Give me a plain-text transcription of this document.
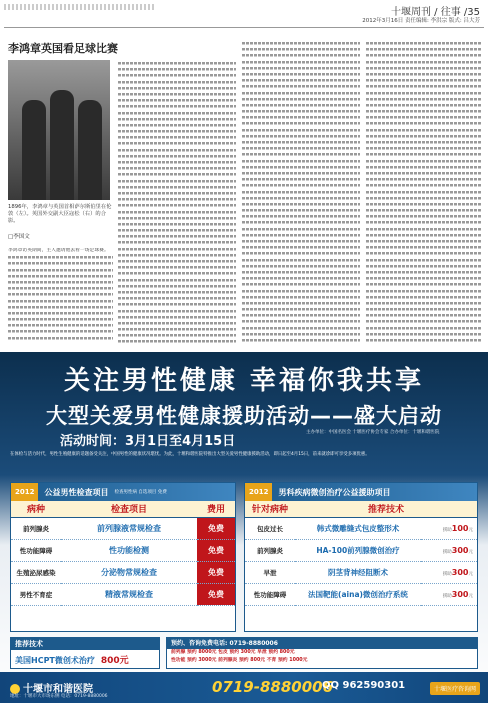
十堰周刊 / 往事 /35
2012年3月16日 责任编辑: 李洪宗 版式: 吕大芳
李鸿章英国看足球比赛
1896年，李鸿章与英国首相萨尔斯伯里在伦敦（左）。英国外交副大臣寇松（右）的合影。
□李国文
李鸿章访英期间，主人邀请他去看一场足球赛。
关注男性健康 幸福你我共享
大型关爱男性健康援助活动——盛大启动
活动时间：3月1日至4月15日
主办单位：中国名医会 十堰医疗协会专家 合办单位：十堰和谐医院
在体检与活力时代，男性生殖健康的话题备受关注，中国男性的健康状况堪忧。为此，十堰和谐医院特推出大型关爱男性健康援助活动，即日起至4月15日，前来就诊即可享受多项优惠。
2012	公益男性检查项目	检查男性病 自选项目 免费
病种	检查项目	费用
前列腺炎	前列腺液常规检查	免费
性功能障碍	性功能检测	免费
生殖泌尿感染	分泌物常规检查	免费
男性不育症	精液常规检查	免费
2012	男科疾病微创治疗公益援助项目
针对病种	推荐技术	
包皮过长	韩式微雕缝式包皮整形术	援助100元
前列腺炎	HA-100前列腺微创治疗	援助300元
早泄	阴茎背神经阻断术	援助300元
性功能障碍	法国靶能(aina)微创治疗系统	援助300元
推荐技术
美国HCPT微创术治疗 800元
预约、咨询免费电话: 0719-8880006
前列腺 预约 8000元 包皮 预约 300元 早泄 预约 800元
性功能 预约 3000元 前列腺炎 预约 800元 不育 预约 1000元
十堰市和谐医院
地址：十堰市大市场东侧 电话：0719-8880006
0719-8880006
QQ 962590301	十堰医疗咨询网
